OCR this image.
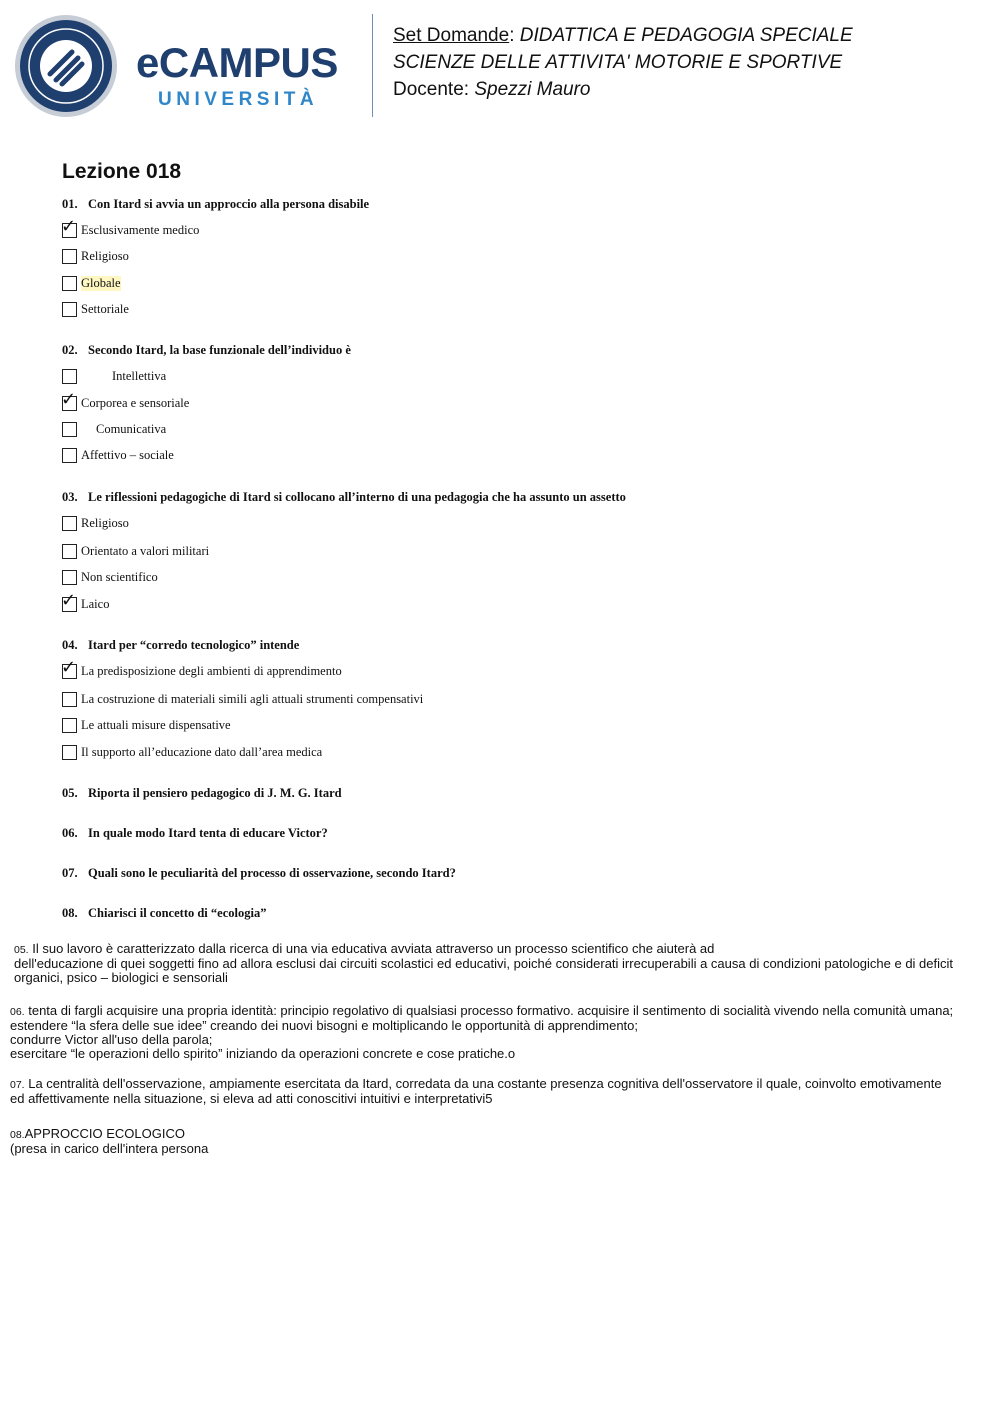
eCAMPUS
UNIVERSITÀ
Set Domande: DIDATTICA E PEDAGOGIA SPECIALE
SCIENZE DELLE ATTIVITA' MOTORIE E SPORTIVE
Docente: Spezzi Mauro
Lezione 018
01. Con Itard si avvia un approccio alla persona disabile
✓ Esclusivamente medico
Religioso
Globale
Settoriale
02. Secondo Itard, la base funzionale dell’individuo è
Intellettiva
✓ Corporea e sensoriale
Comunicativa
Affettivo – sociale
03. Le riflessioni pedagogiche di Itard si collocano all’interno di una pedagogia che ha assunto un assetto
Religioso
Orientato a valori militari
Non scientifico
✓ Laico
04. Itard per “corredo tecnologico” intende
✓ La predisposizione degli ambienti di apprendimento
La costruzione di materiali simili agli attuali strumenti compensativi
Le attuali misure dispensative
Il supporto all’educazione dato dall’area medica
05. Riporta il pensiero pedagogico di J. M. G. Itard
06. In quale modo Itard tenta di educare Victor?
07. Quali sono le peculiarità del processo di osservazione, secondo Itard?
08. Chiarisci il concetto di “ecologia”
05. Il suo lavoro è caratterizzato dalla ricerca di una via educativa avviata attraverso un processo scientifico che aiuterà ad
dell'educazione di quei soggetti fino ad allora esclusi dai circuiti scolastici ed educativi, poiché considerati irrecuperabili a causa di condizioni patologiche e di deficit
organici, psico – biologici e sensoriali
06. tenta di fargli acquisire una propria identità: principio regolativo di qualsiasi processo formativo. acquisire il sentimento di socialità vivendo nella comunità umana;
estendere “la sfera delle sue idee” creando dei nuovi bisogni e moltiplicando le opportunità di apprendimento;
condurre Victor all'uso della parola;
esercitare “le operazioni dello spirito” iniziando da operazioni concrete e cose pratiche.o
07. La centralità dell'osservazione, ampiamente esercitata da Itard, corredata da una costante presenza cognitiva dell'osservatore il quale, coinvolto emotivamente
ed affettivamente nella situazione, si eleva ad atti conoscitivi intuitivi e interpretativi5
08.APPROCCIO ECOLOGICO
(presa in carico dell'intera persona
